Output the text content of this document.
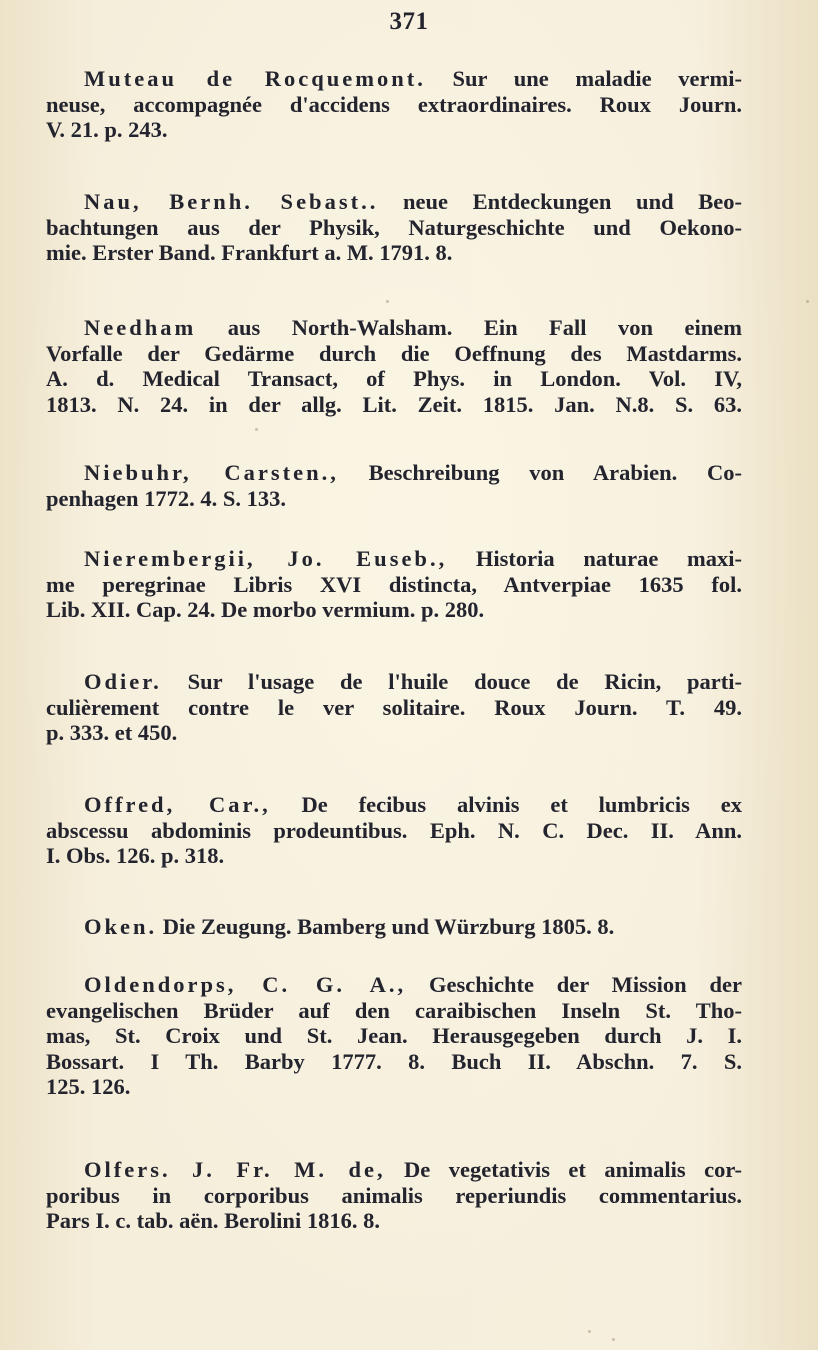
371
Muteau de Rocquemont. Sur une maladie vermi-
neuse, accompagnée d'accidens extraordinaires. Roux Journ.
V. 21. p. 243.
Nau, Bernh. Sebast.. neue Entdeckungen und Beo-
bachtungen aus der Physik, Naturgeschichte und Oekono-
mie. Erster Band. Frankfurt a. M. 1791. 8.
Needham aus North-Walsham. Ein Fall von einem
Vorfalle der Gedärme durch die Oeffnung des Mastdarms.
A. d. Medical Transact, of Phys. in London. Vol. IV,
1813. N. 24. in der allg. Lit. Zeit. 1815. Jan. N.8. S. 63.
Niebuhr, Carsten., Beschreibung von Arabien. Co-
penhagen 1772. 4. S. 133.
Nierembergii, Jo. Euseb., Historia naturae maxi-
me peregrinae Libris XVI distincta, Antverpiae 1635 fol.
Lib. XII. Cap. 24. De morbo vermium. p. 280.
Odier. Sur l'usage de l'huile douce de Ricin, parti-
culièrement contre le ver solitaire. Roux Journ. T. 49.
p. 333. et 450.
Offred, Car., De fecibus alvinis et lumbricis ex
abscessu abdominis prodeuntibus. Eph. N. C. Dec. II. Ann.
I. Obs. 126. p. 318.
Oken. Die Zeugung. Bamberg und Würzburg 1805. 8.
Oldendorps, C. G. A., Geschichte der Mission der
evangelischen Brüder auf den caraibischen Inseln St. Tho-
mas, St. Croix und St. Jean. Herausgegeben durch J. I.
Bossart. I Th. Barby 1777. 8. Buch II. Abschn. 7. S.
125. 126.
Olfers. J. Fr. M. de, De vegetativis et animalis cor-
poribus in corporibus animalis reperiundis commentarius.
Pars I. c. tab. aën. Berolini 1816. 8.
